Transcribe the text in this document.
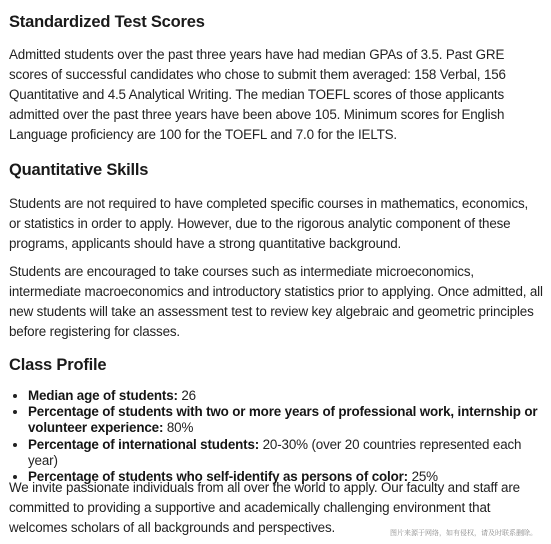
Standardized Test Scores

Admitted students over the past three years have had median GPAs of 3.5. Past GRE scores of successful candidates who chose to submit them averaged: 158 Verbal, 156 Quantitative and 4.5 Analytical Writing. The median TOEFL scores of those applicants admitted over the past three years have been above 105. Minimum scores for English Language proficiency are 100 for the TOEFL and 7.0 for the IELTS.

Quantitative Skills

Students are not required to have completed specific courses in mathematics, economics, or statistics in order to apply. However, due to the rigorous analytic component of these programs, applicants should have a strong quantitative background.

Students are encouraged to take courses such as intermediate microeconomics, intermediate macroeconomics and introductory statistics prior to applying. Once admitted, all new students will take an assessment test to review key algebraic and geometric principles before registering for classes.

Class Profile
• Median age of students: 26
• Percentage of students with two or more years of professional work, internship or volunteer experience: 80%
• Percentage of international students: 20-30% (over 20 countries represented each year)
• Percentage of students who self-identify as persons of color: 25%

We invite passionate individuals from all over the world to apply. Our faculty and staff are committed to providing a supportive and academically challenging environment that welcomes scholars of all backgrounds and perspectives.	图片来源于网络，如有侵权，请及时联系删除。
